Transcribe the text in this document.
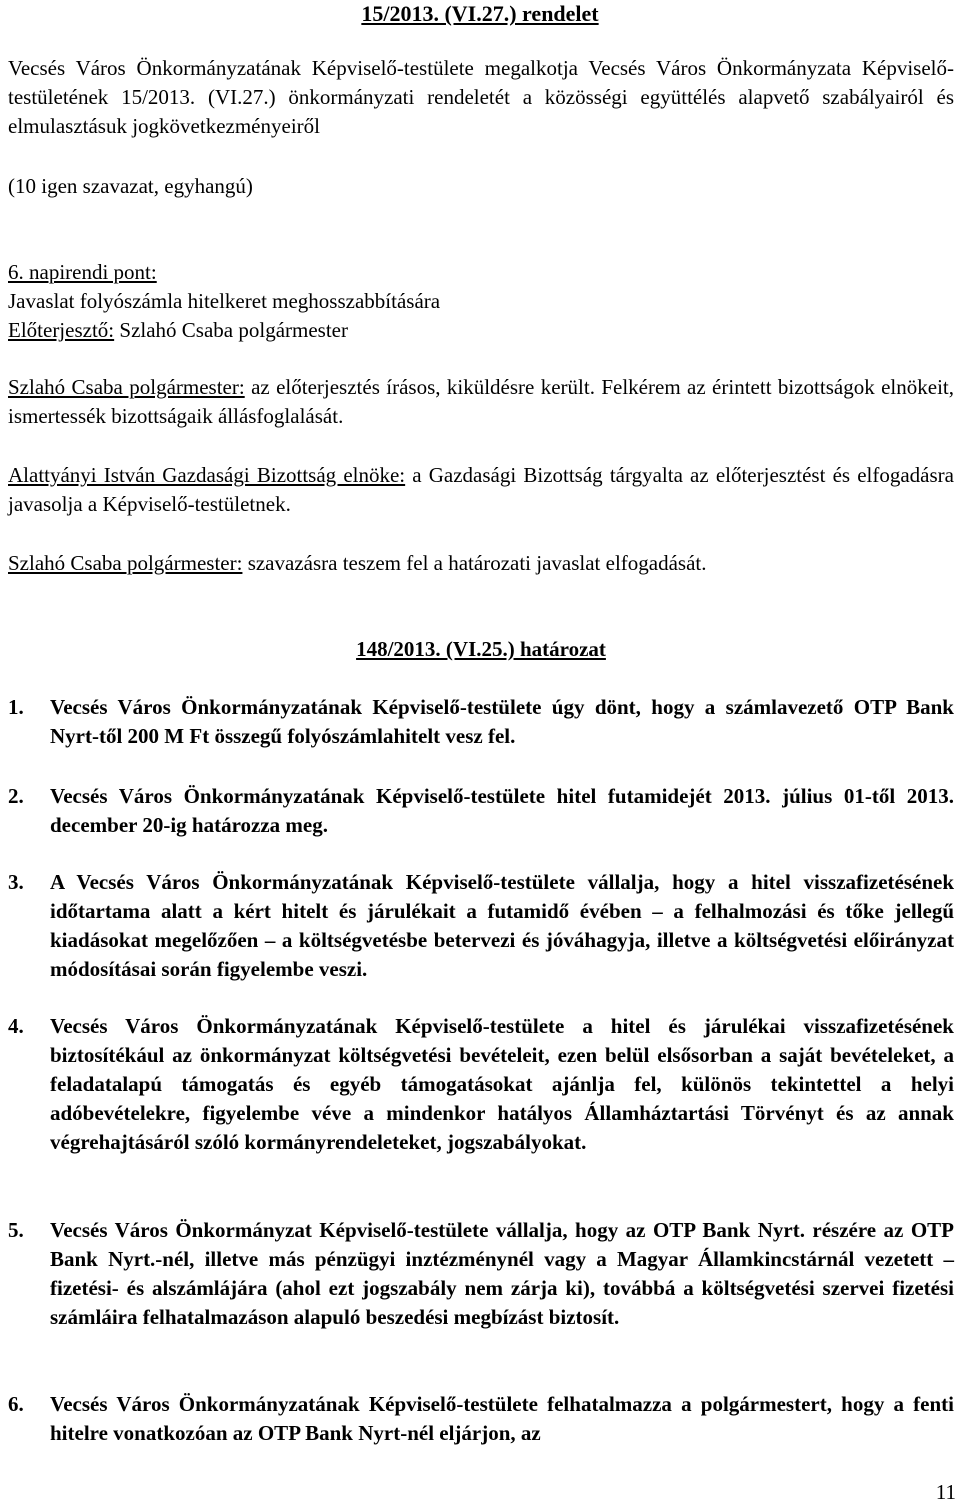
15/2013. (VI.27.) rendelet
Vecsés Város Önkormányzatának Képviselő-testülete megalkotja Vecsés Város Önkormányzata Képviselő-testületének 15/2013. (VI.27.) önkormányzati rendeletét a közösségi együttélés alapvető szabályairól és elmulasztásuk jogkövetkezményeiről
(10 igen szavazat, egyhangú)
6. napirendi pont:
Javaslat folyószámla hitelkeret meghosszabbítására
Előterjesztő: Szlahó Csaba polgármester
Szlahó Csaba polgármester: az előterjesztés írásos, kiküldésre került. Felkérem az érintett bizottságok elnökeit, ismertessék bizottságaik állásfoglalását.
Alattyányi István Gazdasági Bizottság elnöke: a Gazdasági Bizottság tárgyalta az előterjesztést és elfogadásra javasolja a Képviselő-testületnek.
Szlahó Csaba polgármester: szavazásra teszem fel a határozati javaslat elfogadását.
148/2013. (VI.25.) határozat
1.	Vecsés Város Önkormányzatának Képviselő-testülete úgy dönt, hogy a számlavezető OTP Bank Nyrt-től 200 M Ft összegű folyószámlahitelt vesz fel.
2.	Vecsés Város Önkormányzatának Képviselő-testülete hitel futamidejét 2013. július 01-től 2013. december 20-ig határozza meg.
3.	A Vecsés Város Önkormányzatának Képviselő-testülete vállalja, hogy a hitel visszafizetésének időtartama alatt a kért hitelt és járulékait a futamidő évében – a felhalmozási és tőke jellegű kiadásokat megelőzően – a költségvetésbe betervezi és jóváhagyja, illetve a költségvetési előirányzat módosításai során figyelembe veszi.
4.	Vecsés Város Önkormányzatának Képviselő-testülete a hitel és járulékai visszafizetésének biztosítékául az önkormányzat költségvetési bevételeit, ezen belül elsősorban a saját bevételeket, a feladatalapú támogatás és egyéb támogatásokat ajánlja fel, különös tekintettel a helyi adóbevételekre, figyelembe véve a mindenkor hatályos Államháztartási Törvényt és az annak végrehajtásáról szóló kormányrendeleteket, jogszabályokat.
5.	Vecsés Város Önkormányzat Képviselő-testülete vállalja, hogy az OTP Bank Nyrt. részére az OTP Bank Nyrt.-nél, illetve más pénzügyi inztézménynél vagy a Magyar Államkincstárnál vezetett – fizetési- és alszámlájára (ahol ezt jogszabály nem zárja ki), továbbá a költségvetési szervei fizetési számláira felhatalmazáson alapuló beszedési megbízást biztosít.
6.	Vecsés Város Önkormányzatának Képviselő-testülete felhatalmazza a polgármestert, hogy a fenti hitelre vonatkozóan az OTP Bank Nyrt-nél eljárjon, az
11
